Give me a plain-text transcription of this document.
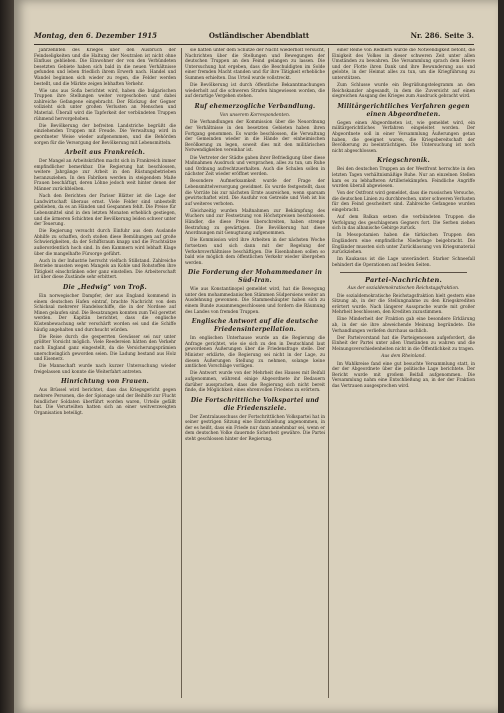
Montag, den 6. Dezember 1915	Ostländischer Abendblatt	Nr. 286. Seite 3.

Jahrzehnten des Krieges über den Ausbruch der Feindseligkeiten und die Haltung der Neutralen ist nicht ohne Einfluss geblieben. Die Einwohner der von den Verbündeten besetzten Gebiete haben sich bald in die neuen Verhältnisse gefunden und leben friedlich ihrem Erwerb nach. Handel und Wandel beginnen sich wieder zu regen, die Felder werden bestellt, und die Märkte zeigen lebhaften Verkehr.

Wie uns aus Sofia berichtet wird, haben die bulgarischen Truppen ihre Stellungen weiter vorgeschoben und dabei zahlreiche Gefangene eingebracht. Der Rückzug der Gegner vollzieht sich unter großen Verlusten an Menschen und Material. Überall wird die Tapferkeit der verbündeten Truppen rühmend hervorgehoben.

Die Bevölkerung der befreiten Landstriche begrüßt die einziehenden Truppen mit Freude. Die Verwaltung wird in geordneter Weise wieder aufgenommen, und die Behörden sorgen für die Versorgung der Bevölkerung mit Lebensmitteln.

Arbeit aus Frankreich.

Der Mangel an Arbeitskräften macht sich in Frankreich immer empfindlicher bemerkbar. Die Regierung hat beschlossen, weitere Jahrgänge zur Arbeit in den Rüstungsbetrieben heranzuziehen. In den Fabriken werden in steigendem Maße Frauen beschäftigt, deren Löhne jedoch weit hinter denen der Männer zurückbleiben.

Nach den Berichten der Pariser Blätter ist die Lage der Landwirtschaft überaus ernst. Viele Felder sind unbestellt geblieben, da es an Händen und Gespannen fehlt. Die Preise für Lebensmittel sind in den letzten Monaten erheblich gestiegen, und die ärmeren Schichten der Bevölkerung leiden schwer unter der Teuerung.

Die Regierung versucht durch Einfuhr aus dem Auslande Abhilfe zu schaffen, doch stoßen diese Bemühungen auf große Schwierigkeiten, da der Schiffsraum knapp und die Frachtsätze außerordentlich hoch sind. In den Kammern wird lebhaft Klage über die mangelhafte Fürsorge geführt.

Auch in der Industrie herrscht vielfach Stillstand. Zahlreiche Betriebe mussten wegen Mangels an Kohle und Rohstoffen ihre Tätigkeit einschränken oder ganz einstellen. Die Arbeiterschaft ist über diese Zustände sehr erbittert.

Die „Hedwig“ von Troß.

Ein norwegischer Dampfer, der aus England kommend in einem deutschen Hafen eintraf, brachte Nachricht von dem Schicksal mehrerer Handelsschiffe, die in der Nordsee auf Minen gelaufen sind. Die Besatzungen konnten zum Teil gerettet werden. Der Kapitän berichtet, dass die englische Küstenbewachung sehr verschärft worden sei und die Schiffe häufig angehalten und durchsucht würden.

Die Reise durch die gesperrten Gewässer sei nur unter größter Vorsicht möglich. Viele Reedereien hätten den Verkehr nach England ganz eingestellt, da die Versicherungsprämien unerschwinglich geworden seien. Die Ladung bestand aus Holz und Eisenerz.

Die Mannschaft wurde nach kurzer Untersuchung wieder freigelassen und konnte die Weiterfahrt antreten.

Hinrichtung von Frauen.

Aus Brüssel wird berichtet, dass das Kriegsgericht gegen mehrere Personen, die der Spionage und der Beihilfe zur Flucht feindlicher Soldaten überführt worden waren, Urteile gefällt hat. Die Verurteilten hatten sich an einer weitverzweigten Organisation beteiligt.

sie hatten unter dem Schutze der Nacht wiederholt versucht, Nachrichten über die Stellungen und Bewegungen der deutschen Truppen an den Feind gelangen zu lassen. Die Untersuchung hat ergeben, dass die Beschuldigten im Solde einer fremden Macht standen und für ihre Tätigkeit erhebliche Summen erhielten. Das Urteil wurde vollstreckt.

Die Bevölkerung ist durch öffentliche Bekanntmachungen wiederholt auf die schweren Strafen hingewiesen worden, die auf derartige Vergehen stehen.

Ruf ehemerzogliche Verbandlung.
Von unserem Korrespondenten.

Die Verhandlungen der Kommission über die Neuordnung der Verhältnisse in den besetzten Gebieten haben ihren Fortgang genommen. Es wurde beschlossen, die Verwaltung der Gemeinden wieder in die Hände der einheimischen Bevölkerung zu legen, soweit dies mit den militärischen Notwendigkeiten vereinbar ist.

Die Vertreter der Städte gaben ihrer Befriedigung über diese Maßnahmen Ausdruck und versprachen, alles zu tun, um Ruhe und Ordnung aufrechtzuerhalten. Auch die Schulen sollen in nächster Zeit wieder eröffnet werden.

Besondere Aufmerksamkeit wurde der Frage der Lebensmittelversorgung gewidmet. Es wurde festgestellt, dass die Vorräte bis zur nächsten Ernte ausreichen, wenn sparsam gewirtschaftet wird. Die Ausfuhr von Getreide und Vieh ist bis auf weiteres verboten.

Gleichzeitig wurden Maßnahmen zur Bekämpfung des Wuchers und zur Festsetzung von Höchstpreisen beschlossen. Händler, die diese Preise überschreiten, haben strenge Bestrafung zu gewärtigen. Die Bevölkerung hat diese Anordnungen mit Genugtuung aufgenommen.

Die Kommission wird ihre Arbeiten in der nächsten Woche fortsetzen und sich dann mit der Regelung der Verkehrsverhältnisse beschäftigen. Die Eisenbahnen sollen so bald wie möglich dem öffentlichen Verkehr wieder übergeben werden.

Die Forderung der Mohammedaner in Süd-Iran.

Wie aus Konstantinopel gemeldet wird, hat die Bewegung unter den mohammedanischen Stämmen Südpersiens weiter an Ausdehnung gewonnen. Die Stammeshäupter haben sich zu einem Bunde zusammengeschlossen und fordern die Räumung des Landes von fremden Truppen.

Englische Antwort auf die deutsche Friedensinterpellation.

Im englischen Unterhause wurde an die Regierung die Anfrage gerichtet, wie sie sich zu den in Deutschland laut gewordenen Äußerungen über die Friedensfrage stelle. Der Minister erklärte, die Regierung sei nicht in der Lage, zu diesen Äußerungen Stellung zu nehmen, solange keine amtlichen Vorschläge vorlägen.

Die Antwort wurde von der Mehrheit des Hauses mit Beifall aufgenommen, während einige Abgeordnete ihr Bedauern darüber aussprachen, dass die Regierung sich nicht bereit finde, die Möglichkeit eines ehrenvollen Friedens zu erörtern.

Die Fortschrittliche Volkspartei und die Friedensziele.

Der Zentralausschuss der Fortschrittlichen Volkspartei hat in seiner gestrigen Sitzung eine Entschließung angenommen, in der es heißt, dass ein Friede nur dann annehmbar sei, wenn er dem deutschen Volke dauernde Sicherheit gewähre. Die Partei steht geschlossen hinter der Regierung.

einer Reihe von Rednern wurde die Notwendigkeit betont, die Einigkeit des Volkes in dieser schweren Zeit unter allen Umständen zu bewahren. Die Versammlung sprach dem Heere und der Flotte ihren Dank und ihre Bewunderung aus und gelobte, in der Heimat alles zu tun, um die Kriegführung zu unterstützen.

Zum Schlusse wurde ein Begrüßungstelegramm an den Reichskanzler abgesandt, in dem die Zuversicht auf einen siegreichen Ausgang des Krieges zum Ausdruck gebracht wird.

Militärgerichtliches Verfahren gegen einen Abgeordneten.

Gegen einen Abgeordneten ist, wie gemeldet wird, ein militärgerichtliches Verfahren eingeleitet worden. Der Abgeordnete soll in einer Versammlung Äußerungen getan haben, die geeignet waren, die Kriegsbereitschaft der Bevölkerung zu beeinträchtigen. Die Untersuchung ist noch nicht abgeschlossen.

Kriegschronik.

Bei den deutschen Truppen an der Westfront herrschte in den letzten Tagen verhältnismäßige Ruhe. Nur an einzelnen Stellen kam es zu lebhafteren Artilleriekämpfen. Feindliche Angriffe wurden überall abgewiesen.

Von der Ostfront wird gemeldet, dass die russischen Versuche, die deutschen Linien zu durchbrechen, unter schweren Verlusten für den Feind gescheitert sind. Zahlreiche Gefangene wurden eingebracht.

Auf dem Balkan setzen die verbündeten Truppen die Verfolgung des geschlagenen Gegners fort. Die Serben ziehen sich in das albanische Gebirge zurück.

In Mesopotamien haben die türkischen Truppen den Engländern eine empfindliche Niederlage beigebracht. Die Engländer mussten sich unter Zurücklassung von Kriegsmaterial zurückziehen.

Im Kaukasus ist die Lage unverändert. Starker Schneefall behindert die Operationen auf beiden Seiten.

Partei-Nachrichten.
Aus der sozialdemokratischen Reichstagsfraktion.

Die sozialdemokratische Reichstagsfraktion hielt gestern eine Sitzung ab, in der die Stellungnahme zu den Kriegskrediten erörtert wurde. Nach längerer Aussprache wurde mit großer Mehrheit beschlossen, den Krediten zuzustimmen.

Eine Minderheit der Fraktion gab eine besondere Erklärung ab, in der sie ihre abweichende Meinung begründete. Die Verhandlungen verliefen durchaus sachlich.

Der Parteivorstand hat die Parteigenossen aufgefordert, die Einheit der Partei unter allen Umständen zu wahren und die Meinungsverschiedenheiten nicht in die Öffentlichkeit zu tragen.

Aus dem Rheinland.

Im Wahlkreise fand eine gut besuchte Versammlung statt, in der der Abgeordnete über die politische Lage berichtete. Der Bericht wurde mit großem Beifall aufgenommen. Die Versammlung nahm eine Entschließung an, in der der Fraktion das Vertrauen ausgesprochen wird.
